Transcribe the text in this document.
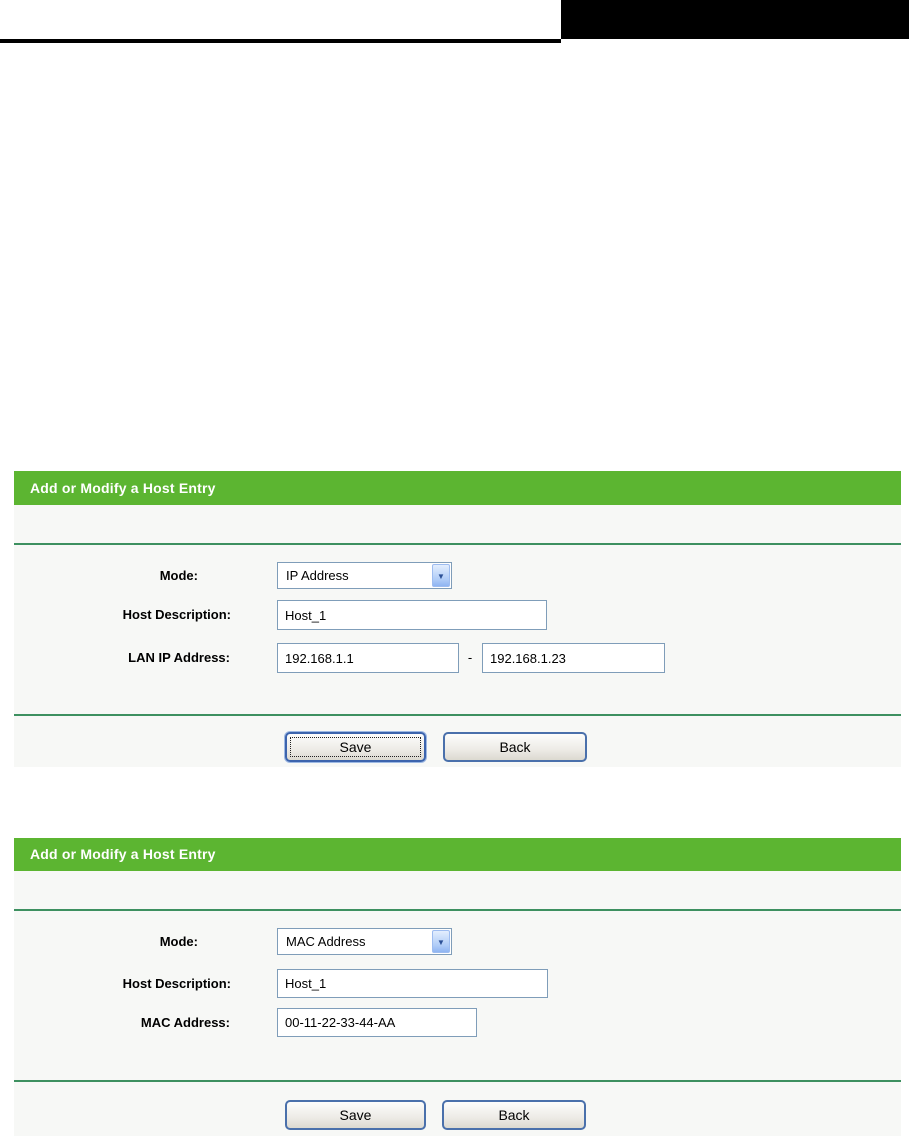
Add or Modify a Host Entry
Mode:	IP Address	▼
Host Description:
Host_1
LAN IP Address:
192.168.1.1	-
192.168.1.23
Save	Back
Add or Modify a Host Entry
Mode:	MAC Address	▼
Host Description:
Host_1
MAC Address:
00-11-22-33-44-AA
Save	Back
